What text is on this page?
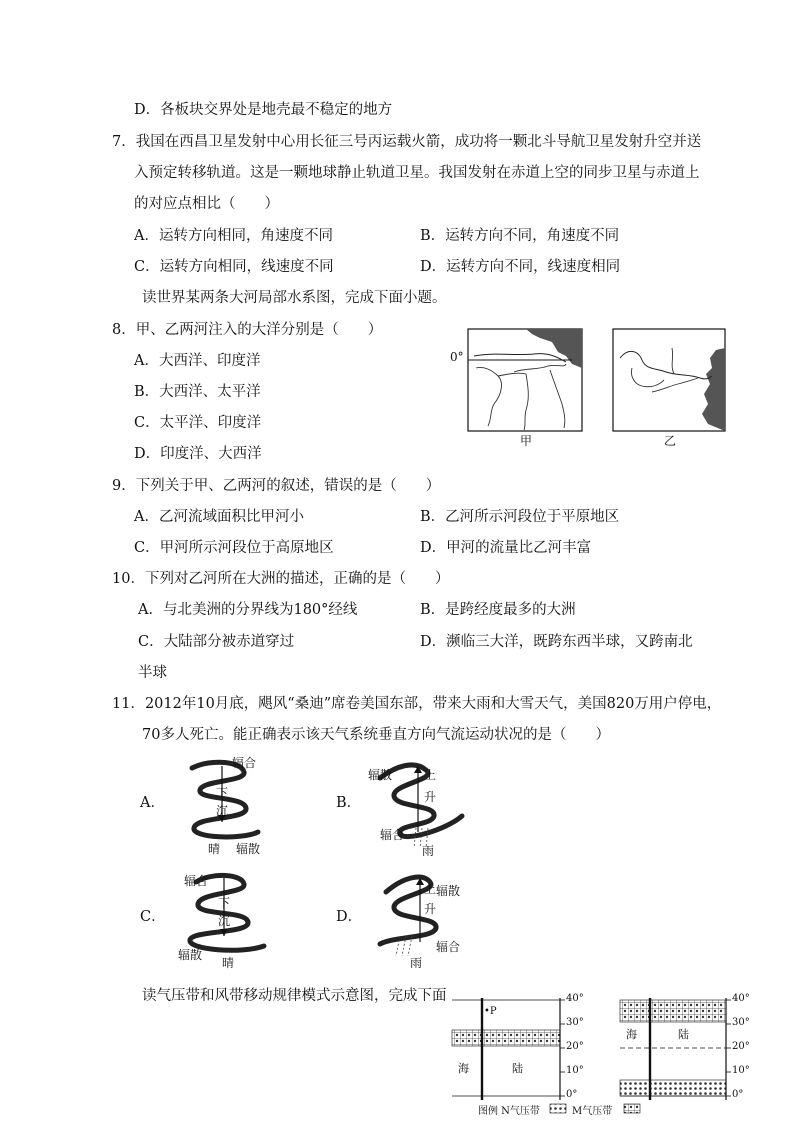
D．各板块交界处是地壳最不稳定的地方
7．我国在西昌卫星发射中心用长征三号丙运载火箭，成功将一颗北斗导航卫星发射升空并送
入预定转移轨道。这是一颗地球静止轨道卫星。我国发射在赤道上空的同步卫星与赤道上
的对应点相比（　　）
A．运转方向相同，角速度不同	B．运转方向不同，角速度不同
C．运转方向相同，线速度不同	D．运转方向不同，线速度相同
读世界某两条大河局部水系图，完成下面小题。
8．甲、乙两河注入的大洋分别是（　　）
A．大西洋、印度洋
B．大西洋、太平洋
C．太平洋、印度洋
D．印度洋、大西洋
0°
甲	乙
9．下列关于甲、乙两河的叙述，错误的是（　　）
A．乙河流域面积比甲河小	B．乙河所示河段位于平原地区
C．甲河所示河段位于高原地区	D．甲河的流量比乙河丰富
10．下列对乙河所在大洲的描述，正确的是（　　）
A．与北美洲的分界线为180°经线	B．是跨经度最多的大洲
C．大陆部分被赤道穿过	D．濒临三大洋，既跨东西半球，又跨南北
半球
11．2012年10月底，飓风“桑迪”席卷美国东部，带来大雨和大雪天气，美国820万用户停电，
70多人死亡。能正确表示该天气系统垂直方向气流运动状况的是（　　）
A．	B．
C．	D．
辐合
下
沉
晴 辐散
辐散	上
升
辐合
雨
辐合
下
沉
辐散
晴
辐散
上
升
雨
辐合
读气压带和风带移动规律模式示意图，完成下面	40°
30°
20°
10°
0°
•P
海	陆
40°
30°
20°
10°
0°
海	陆
图例 N气压带	M气压带
